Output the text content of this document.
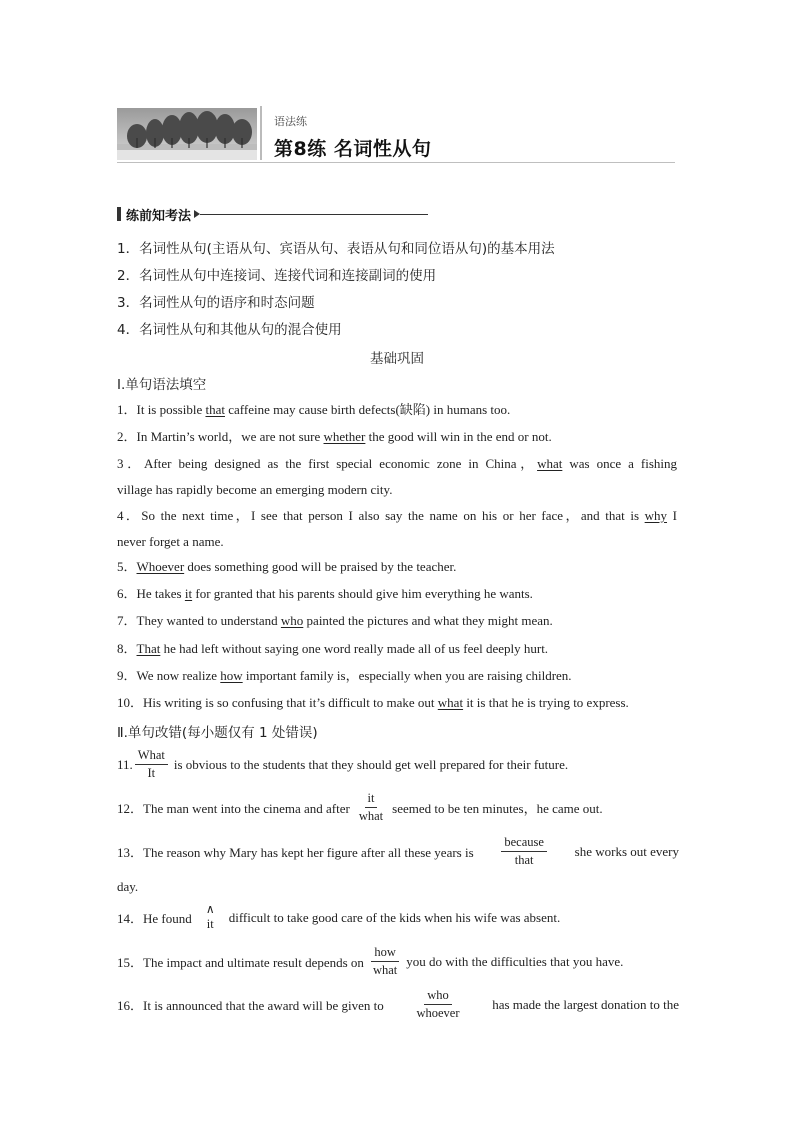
语法练
第8练 名词性从句
练前知考法
1．名词性从句(主语从句、宾语从句、表语从句和同位语从句)的基本用法
2．名词性从句中连接词、连接代词和连接副词的使用
3．名词性从句的语序和时态问题
4．名词性从句和其他从句的混合使用
基础巩固
Ⅰ.单句语法填空
1．It is possible that caffeine may cause birth defects(缺陷) in humans too.
2．In Martin’s world，we are not sure whether the good will win in the end or not.
3．After being designed as the first special economic zone in China，what was once a fishing
village has rapidly become an emerging modern city.
4．So the next time，I see that person I also say the name on his or her face，and that is why I
never forget a name.
5．Whoever does something good will be praised by the teacher.
6．He takes it for granted that his parents should give him everything he wants.
7．They wanted to understand who painted the pictures and what they might mean.
8．That he had left without saying one word really made all of us feel deeply hurt.
9．We now realize how important family is，especially when you are raising children.
10．His writing is so confusing that it’s difficult to make out what it is that he is trying to express.
Ⅱ.单句改错(每小题仅有 1 处错误)
11. $\frac{\text{What}}{It}$ is obvious to the students that they should get well prepared for their future.
12．The man went into the cinema and after $\frac{it}{\text{what}}$ seemed to be ten minutes，he came out.
13．The reason why Mary has kept her figure after all these years is $\frac{\text{because}}{\text{that}}$ she works out every
day.
14．He found
∧
it difficult to take good care of the kids when his wife was absent.
15．The impact and ultimate result depends on $\frac{\text{how}}{\text{what}}$ you do with the difficulties that you have.
16．It is announced that the award will be given to $\frac{\text{who}}{\text{whoever}}$ has made the largest donation to the
